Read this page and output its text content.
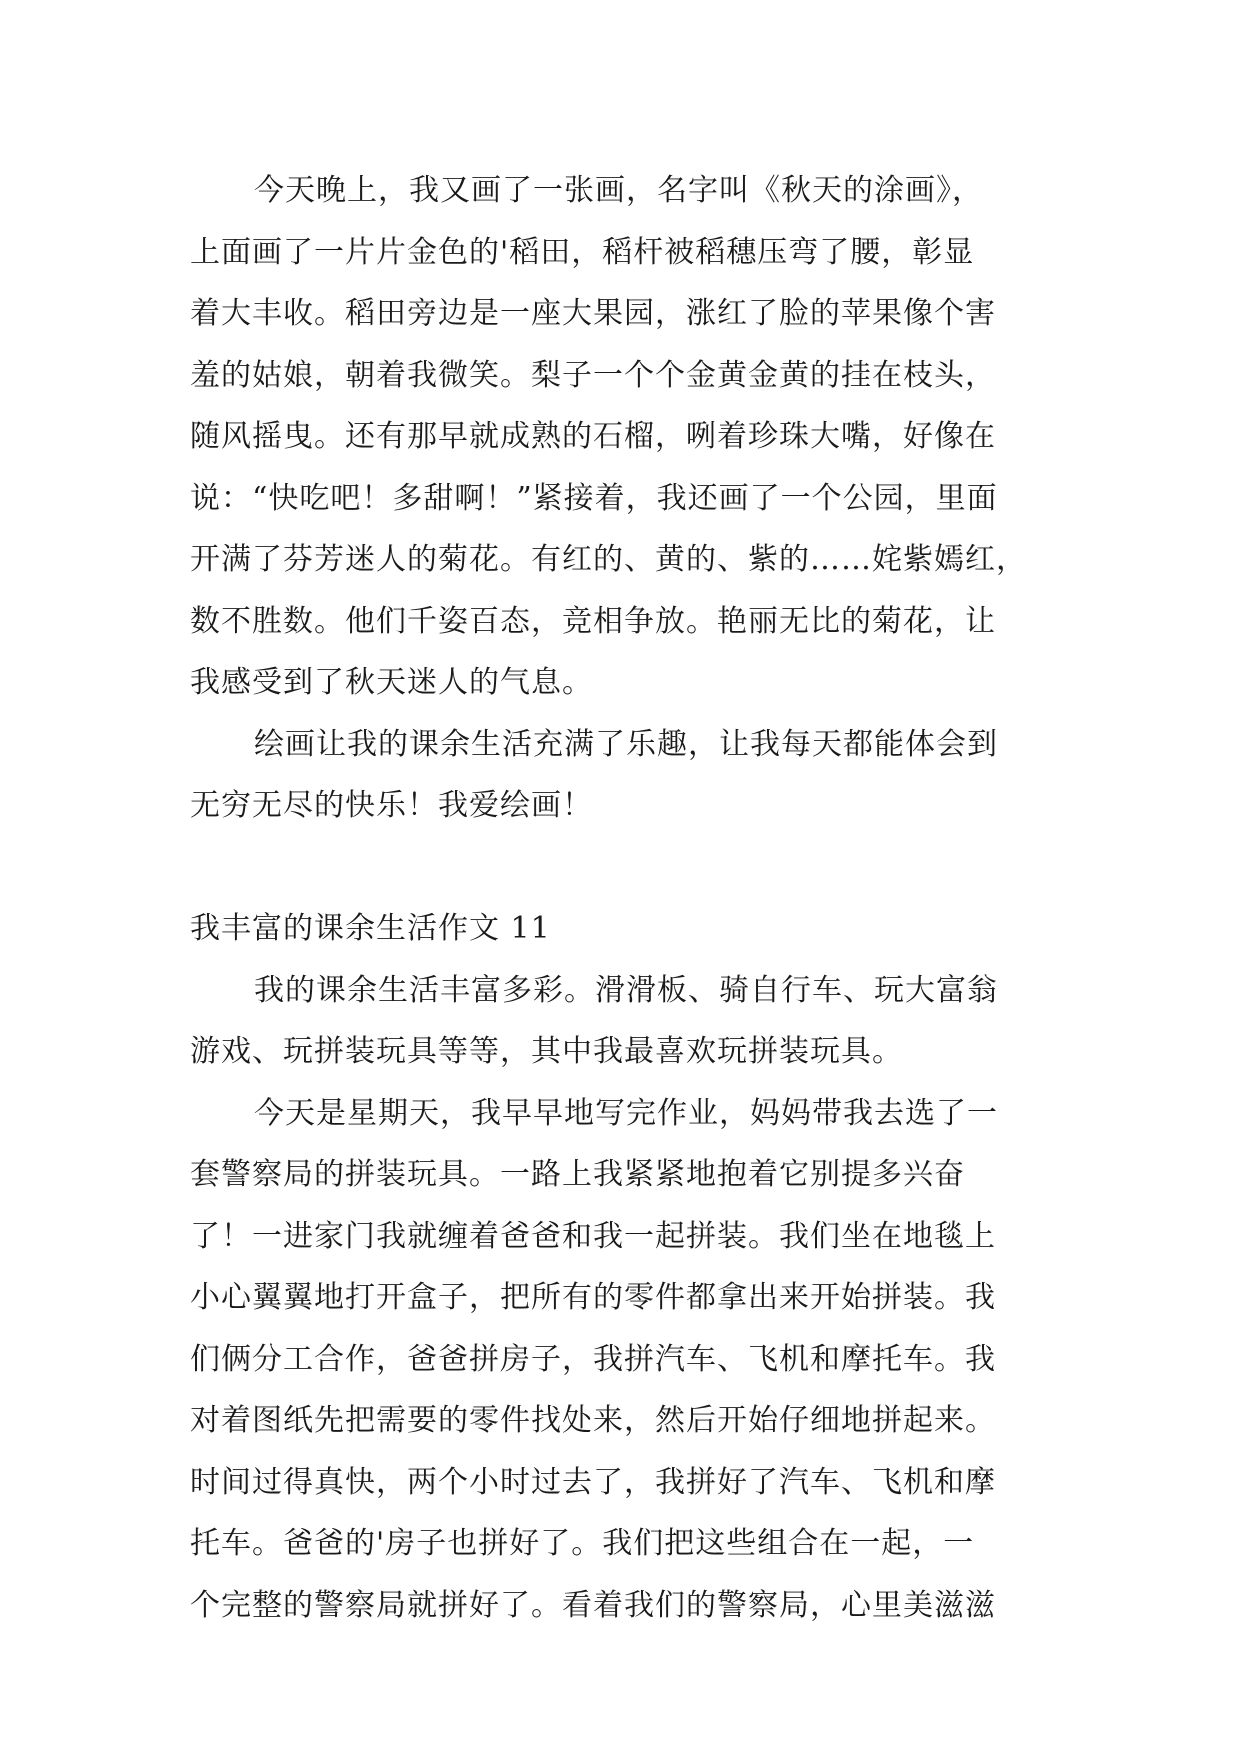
今天晚上，我又画了一张画，名字叫《秋天的涂画》，
上面画了一片片金色的'稻田，稻杆被稻穗压弯了腰，彰显
着大丰收。稻田旁边是一座大果园，涨红了脸的苹果像个害
羞的姑娘，朝着我微笑。梨子一个个金黄金黄的挂在枝头，
随风摇曳。还有那早就成熟的石榴，咧着珍珠大嘴，好像在
说：“快吃吧！多甜啊！”紧接着，我还画了一个公园，里面
开满了芬芳迷人的菊花。有红的、黄的、紫的……姹紫嫣红，
数不胜数。他们千姿百态，竞相争放。艳丽无比的菊花，让
我感受到了秋天迷人的气息。
绘画让我的课余生活充满了乐趣，让我每天都能体会到
无穷无尽的快乐！我爱绘画！
我丰富的课余生活作文 11
我的课余生活丰富多彩。滑滑板、骑自行车、玩大富翁
游戏、玩拼装玩具等等，其中我最喜欢玩拼装玩具。
今天是星期天，我早早地写完作业，妈妈带我去选了一
套警察局的拼装玩具。一路上我紧紧地抱着它别提多兴奋
了！一进家门我就缠着爸爸和我一起拼装。我们坐在地毯上
小心翼翼地打开盒子，把所有的零件都拿出来开始拼装。我
们俩分工合作，爸爸拼房子，我拼汽车、飞机和摩托车。我
对着图纸先把需要的零件找处来，然后开始仔细地拼起来。
时间过得真快，两个小时过去了，我拼好了汽车、飞机和摩
托车。爸爸的'房子也拼好了。我们把这些组合在一起，一
个完整的警察局就拼好了。看着我们的警察局，心里美滋滋
